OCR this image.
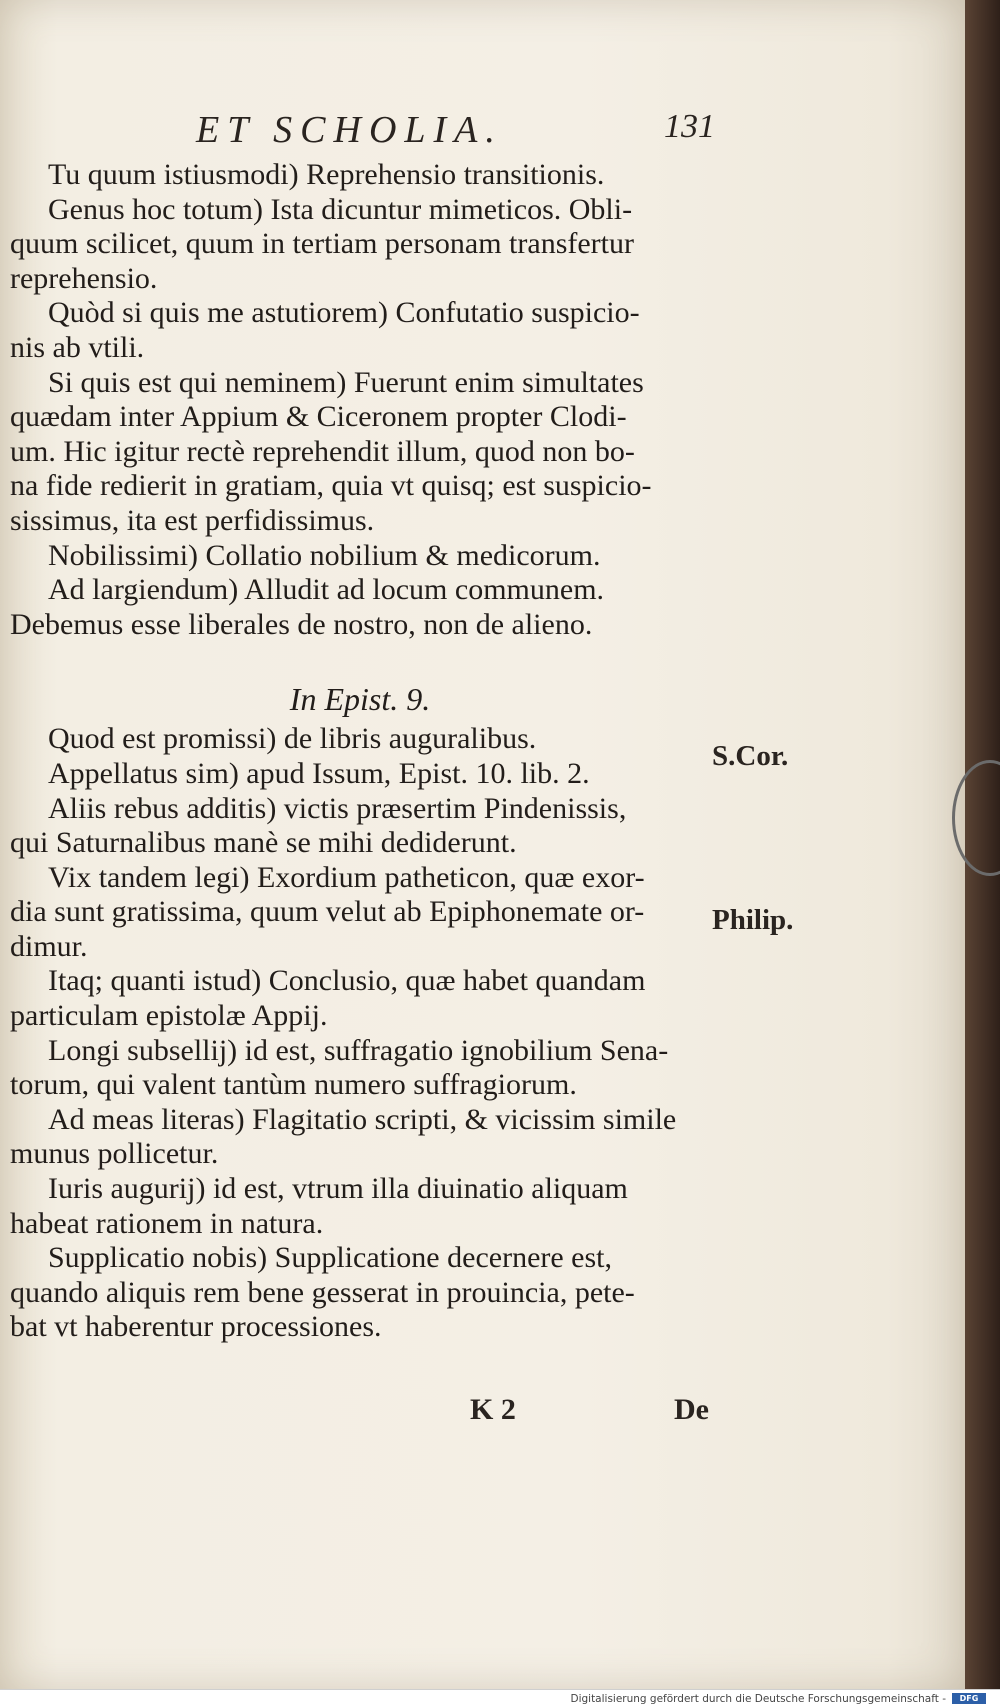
ET SCHOLIA.	131
Tu quum istiusmodi) Reprehensio transitionis.
Genus hoc totum) Ista dicuntur mimeticos. Obli-
quum scilicet, quum in tertiam personam transfertur
reprehensio.
Quòd si quis me astutiorem) Confutatio suspicio-
nis ab vtili.
Si quis est qui neminem) Fuerunt enim simultates
quædam inter Appium & Ciceronem propter Clodi-
um. Hic igitur rectè reprehendit illum, quod non bo-
na fide redierit in gratiam, quia vt quisq; est suspicio-
sissimus, ita est perfidissimus.
Nobilissimi) Collatio nobilium & medicorum.
Ad largiendum) Alludit ad locum communem.
Debemus esse liberales de nostro, non de alieno.
In Epist. 9.
Quod est promissi) de libris auguralibus.
Appellatus sim) apud Issum, Epist. 10. lib. 2.
Aliis rebus additis) victis præsertim Pindenissis,
qui Saturnalibus manè se mihi dediderunt.
Vix tandem legi) Exordium patheticon, quæ exor-
dia sunt gratissima, quum velut ab Epiphonemate or-
dimur.
Itaq; quanti istud) Conclusio, quæ habet quandam
particulam epistolæ Appij.
Longi subsellij) id est, suffragatio ignobilium Sena-
torum, qui valent tantùm numero suffragiorum.
Ad meas literas) Flagitatio scripti, & vicissim simile
munus pollicetur.
Iuris augurij) id est, vtrum illa diuinatio aliquam
habeat rationem in natura.
Supplicatio nobis) Supplicatione decernere est,
quando aliquis rem bene gesserat in prouincia, pete-
bat vt haberentur processiones.
S.Cor.
Philip.
K 2	De
Digitalisierung gefördert durch die Deutsche Forschungsgemeinschaft -	DFG
